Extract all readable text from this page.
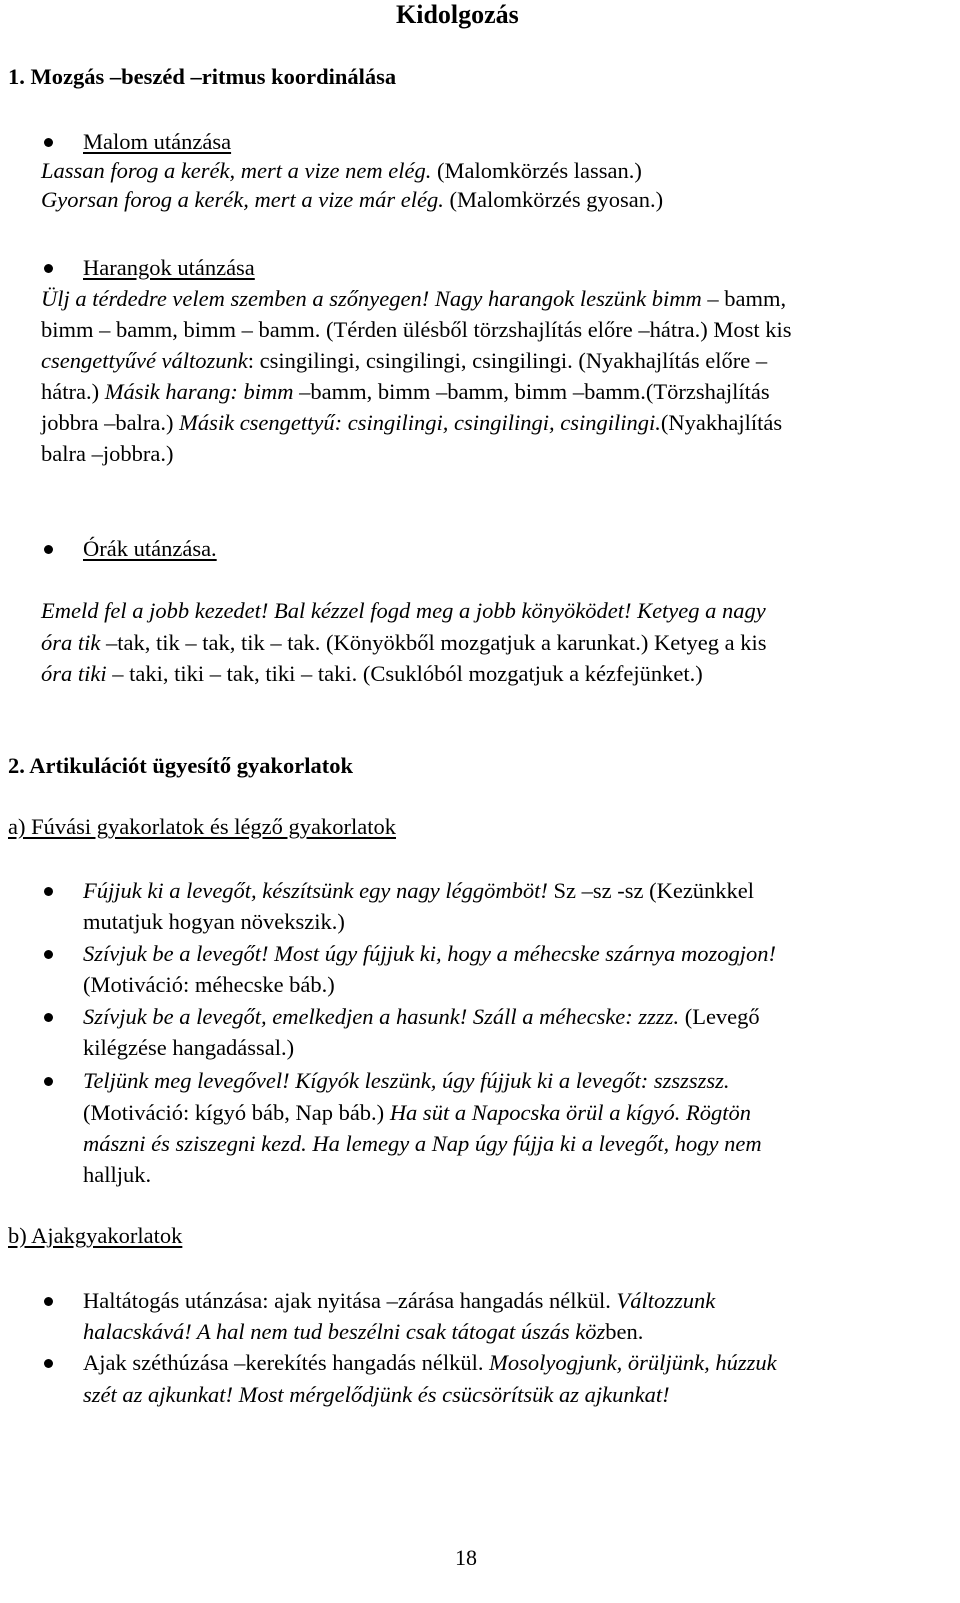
Kidolgozás
1. Mozgás –beszéd –ritmus koordinálása
Malom utánzása
Lassan forog a kerék, mert a vize nem elég. (Malomkörzés lassan.)
Gyorsan forog a kerék, mert a vize már elég. (Malomkörzés gyosan.)
Harangok utánzása
Ülj a térdedre velem szemben a szőnyegen! Nagy harangok leszünk bimm – bamm,
bimm – bamm, bimm – bamm. (Térden ülésből törzshajlítás előre –hátra.) Most kis
csengettyűvé változunk: csingilingi, csingilingi, csingilingi. (Nyakhajlítás előre –
hátra.) Másik harang: bimm –bamm, bimm –bamm, bimm –bamm.(Törzshajlítás
jobbra –balra.) Másik csengettyű: csingilingi, csingilingi, csingilingi.(Nyakhajlítás
balra –jobbra.)
Órák utánzása.
Emeld fel a jobb kezedet! Bal kézzel fogd meg a jobb könyöködet! Ketyeg a nagy
óra tik –tak, tik – tak, tik – tak. (Könyökből mozgatjuk a karunkat.) Ketyeg a kis
óra tiki – taki, tiki – tak, tiki – taki. (Csuklóból mozgatjuk a kézfejünket.)
2. Artikulációt ügyesítő gyakorlatok
a) Fúvási gyakorlatok és légző gyakorlatok
Fújjuk ki a levegőt, készítsünk egy nagy léggömböt! Sz –sz -sz (Kezünkkel
mutatjuk hogyan növekszik.)
Szívjuk be a levegőt! Most úgy fújjuk ki, hogy a méhecske szárnya mozogjon!
(Motiváció: méhecske báb.)
Szívjuk be a levegőt, emelkedjen a hasunk! Száll a méhecske: zzzz. (Levegő
kilégzése hangadással.)
Teljünk meg levegővel! Kígyók leszünk, úgy fújjuk ki a levegőt: szszszsz.
(Motiváció: kígyó báb, Nap báb.) Ha süt a Napocska örül a kígyó. Rögtön
mászni és sziszegni kezd. Ha lemegy a Nap úgy fújja ki a levegőt, hogy nem
halljuk.
b) Ajakgyakorlatok
Haltátogás utánzása: ajak nyitása –zárása hangadás nélkül. Változzunk
halacskává! A hal nem tud beszélni csak tátogat úszás közben.
Ajak széthúzása –kerekítés hangadás nélkül. Mosolyogjunk, örüljünk, húzzuk
szét az ajkunkat! Most mérgelődjünk és csücsörítsük az ajkunkat!
18
